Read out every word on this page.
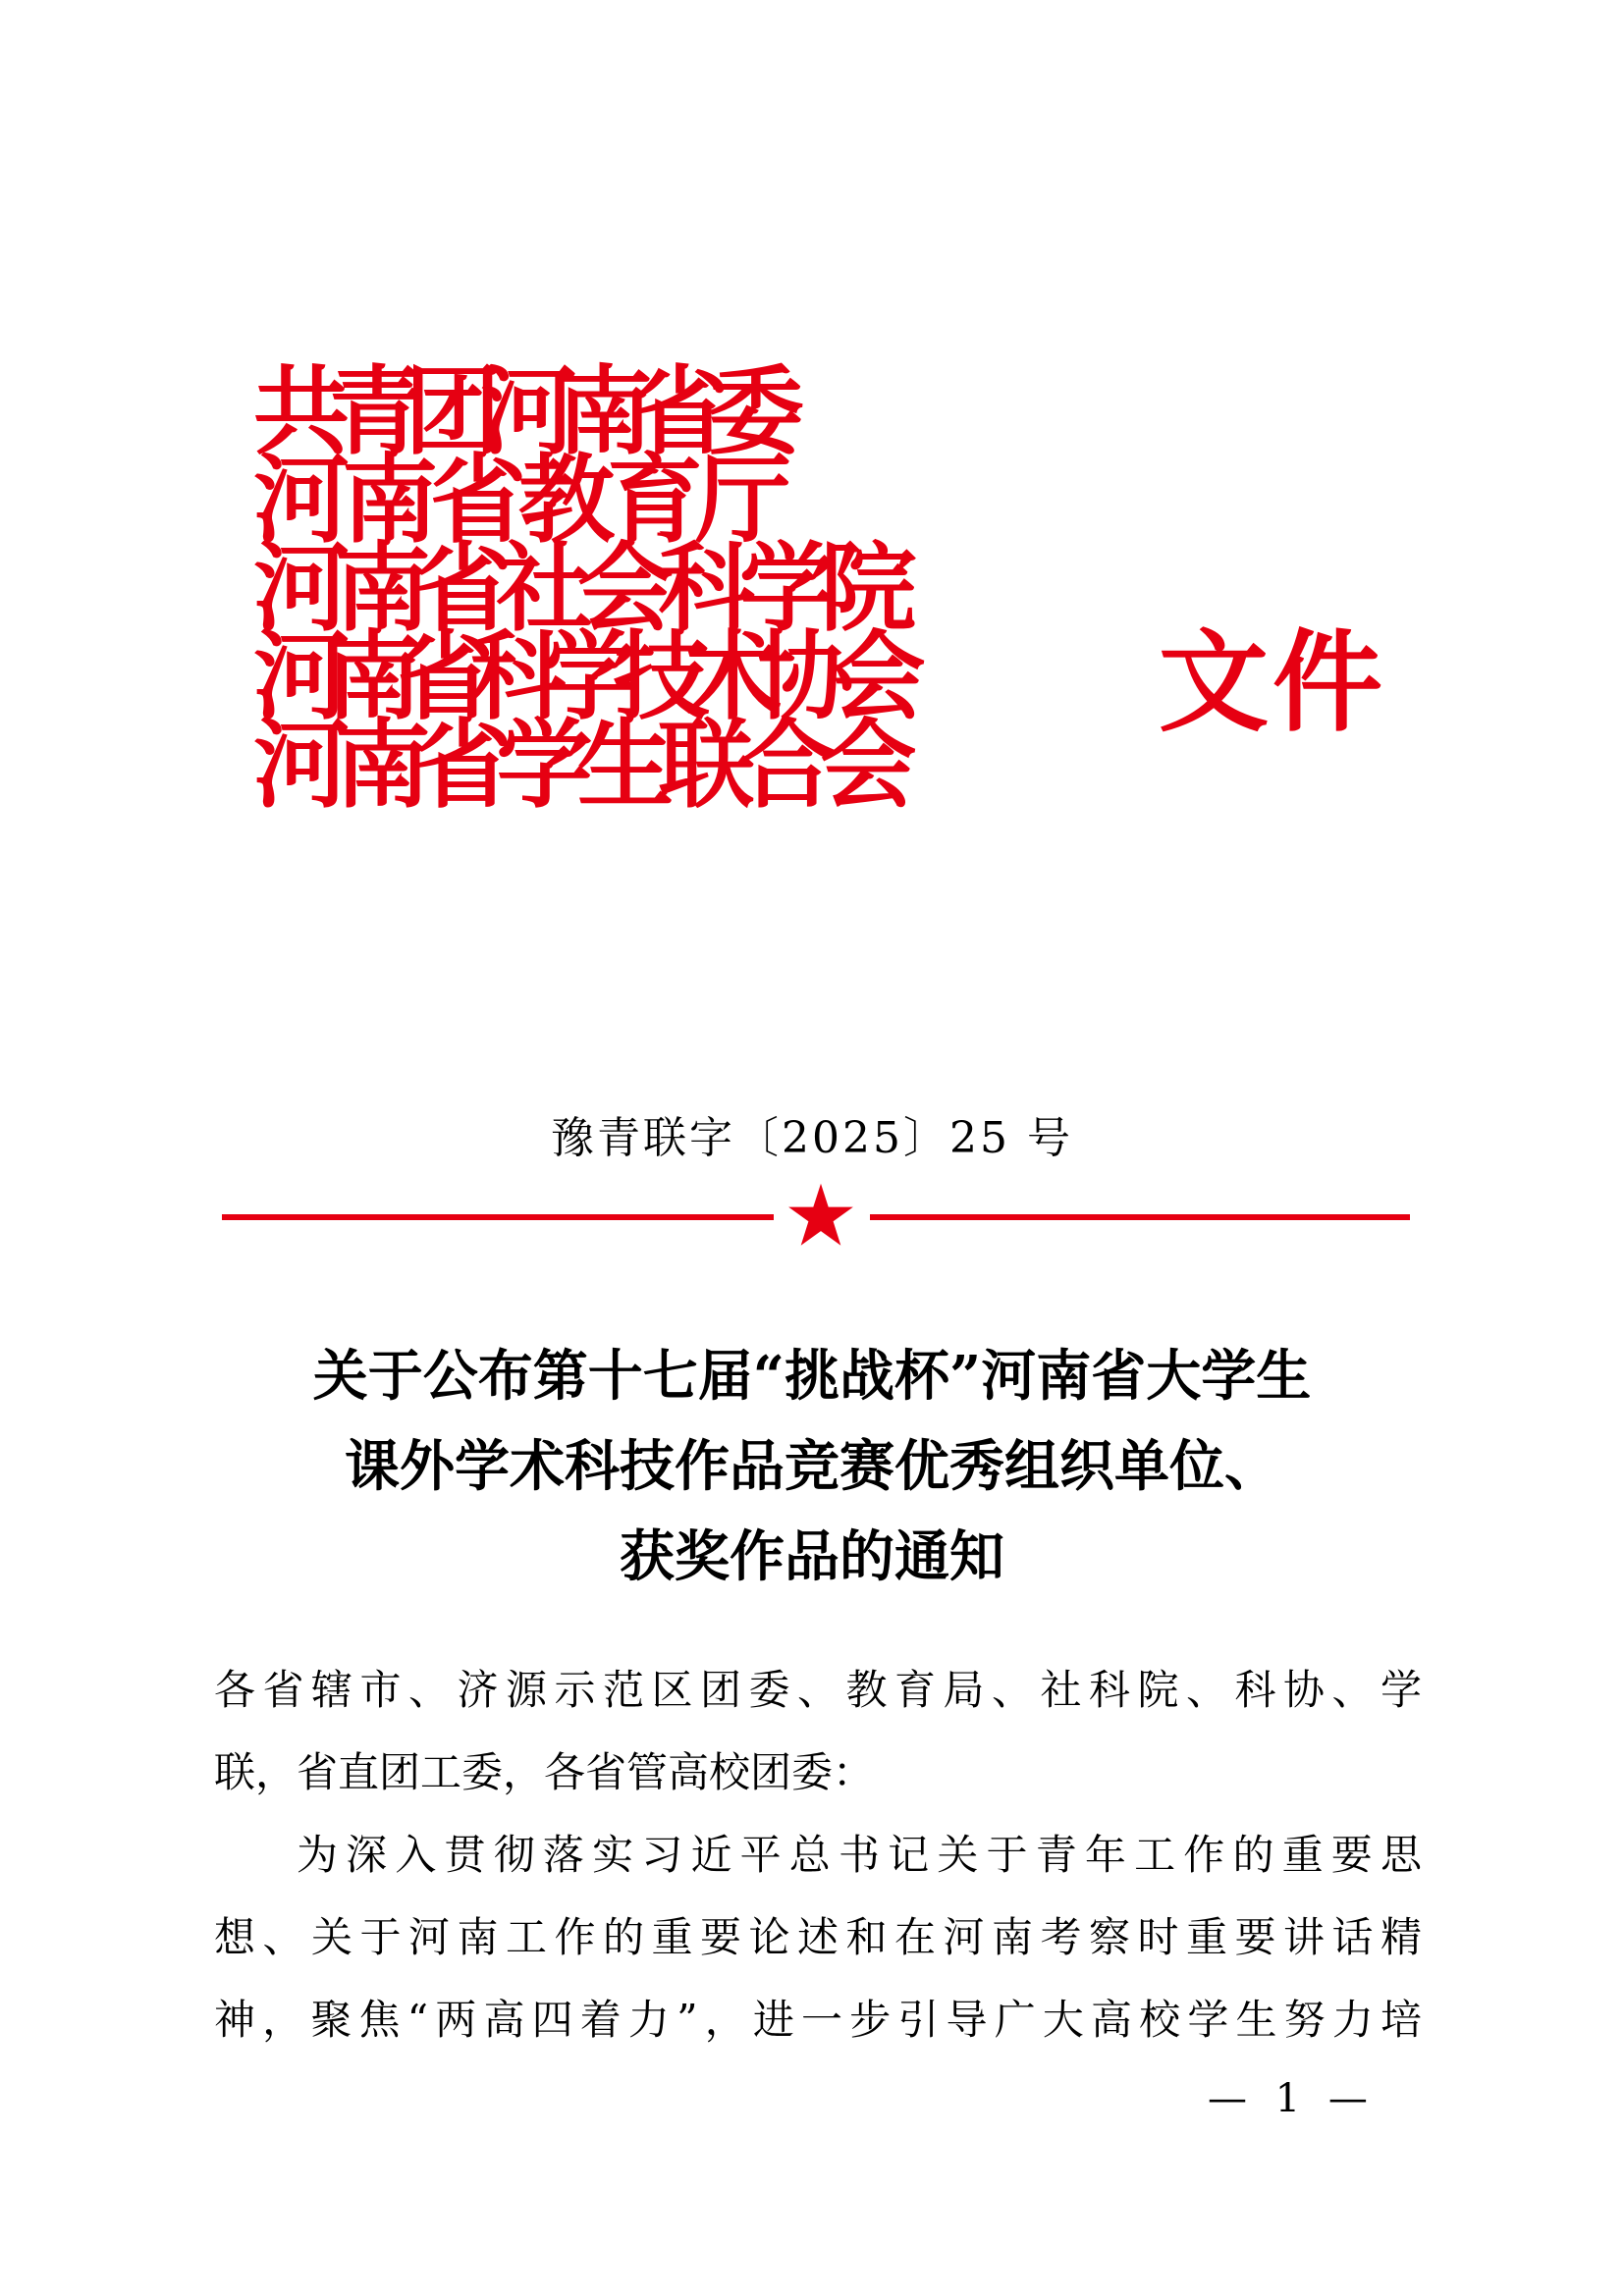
共青团河南省委
河南省教育厅
河南省社会科学院
河南省科学技术协会
河南省学生联合会
文件
豫青联字〔2025〕25 号
关于公布第十七届“挑战杯”河南省大学生
课外学术科技作品竞赛优秀组织单位、
获奖作品的通知
各省辖市、济源示范区团委、教育局、社科院、科协、学

联，省直团工委，各省管高校团委：

为深入贯彻落实习近平总书记关于青年工作的重要思
想、关于河南工作的重要论述和在河南考察时重要讲话精
神，聚焦“两高四着力”，进一步引导广大高校学生努力培
— 1 —
